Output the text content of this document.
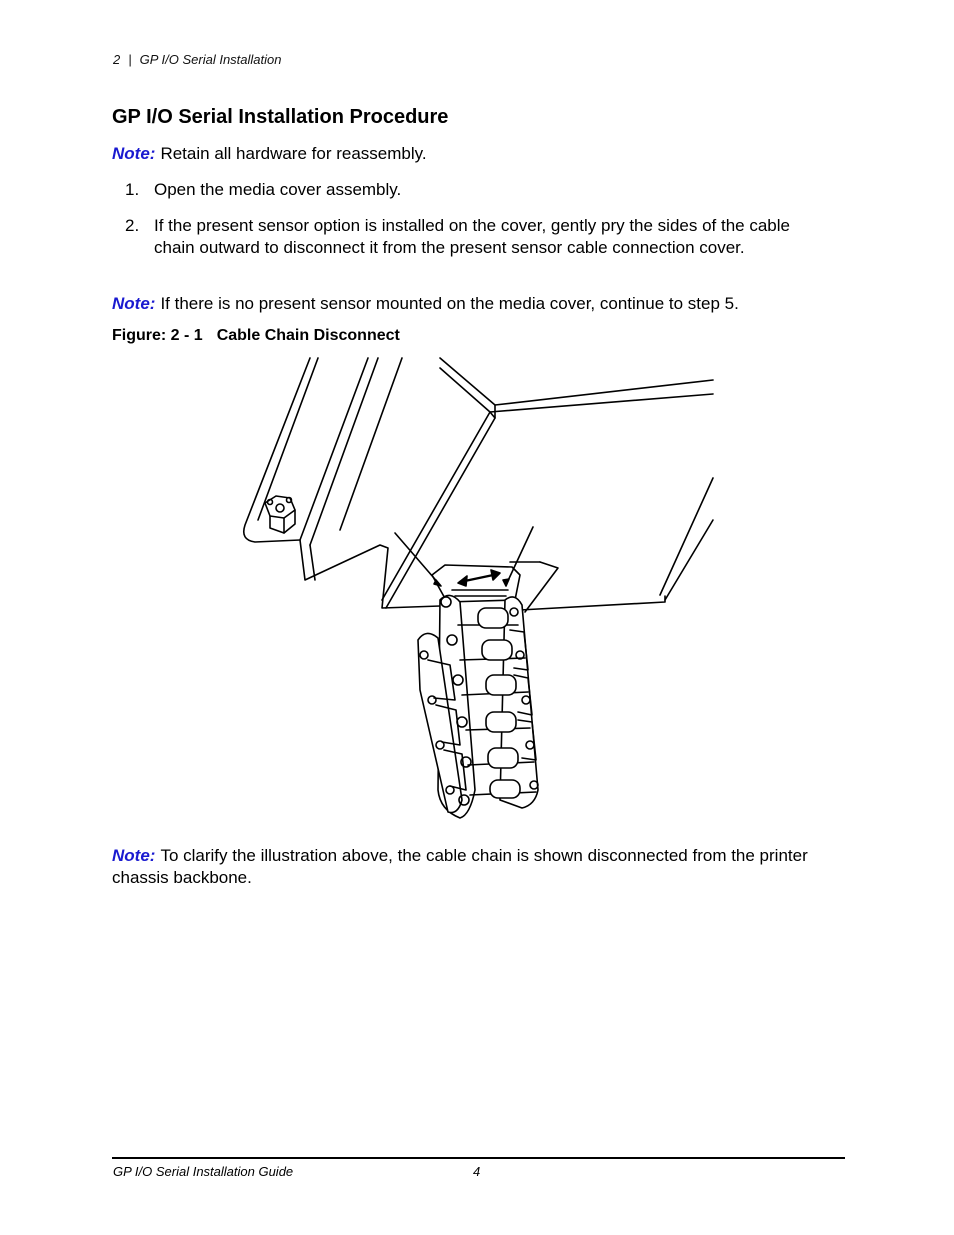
2 | GP I/O Serial Installation
GP I/O Serial Installation Procedure

Note: Retain all hardware for reassembly.

1. Open the media cover assembly.
2. If the present sensor option is installed on the cover, gently pry the sides of the cable chain outward to disconnect it from the present sensor cable connection cover.

Note: If there is no present sensor mounted on the media cover, continue to step 5.

Figure: 2 - 1 Cable Chain Disconnect

Note: To clarify the illustration above, the cable chain is shown disconnected from the printer chassis backbone.

GP I/O Serial Installation Guide	4
